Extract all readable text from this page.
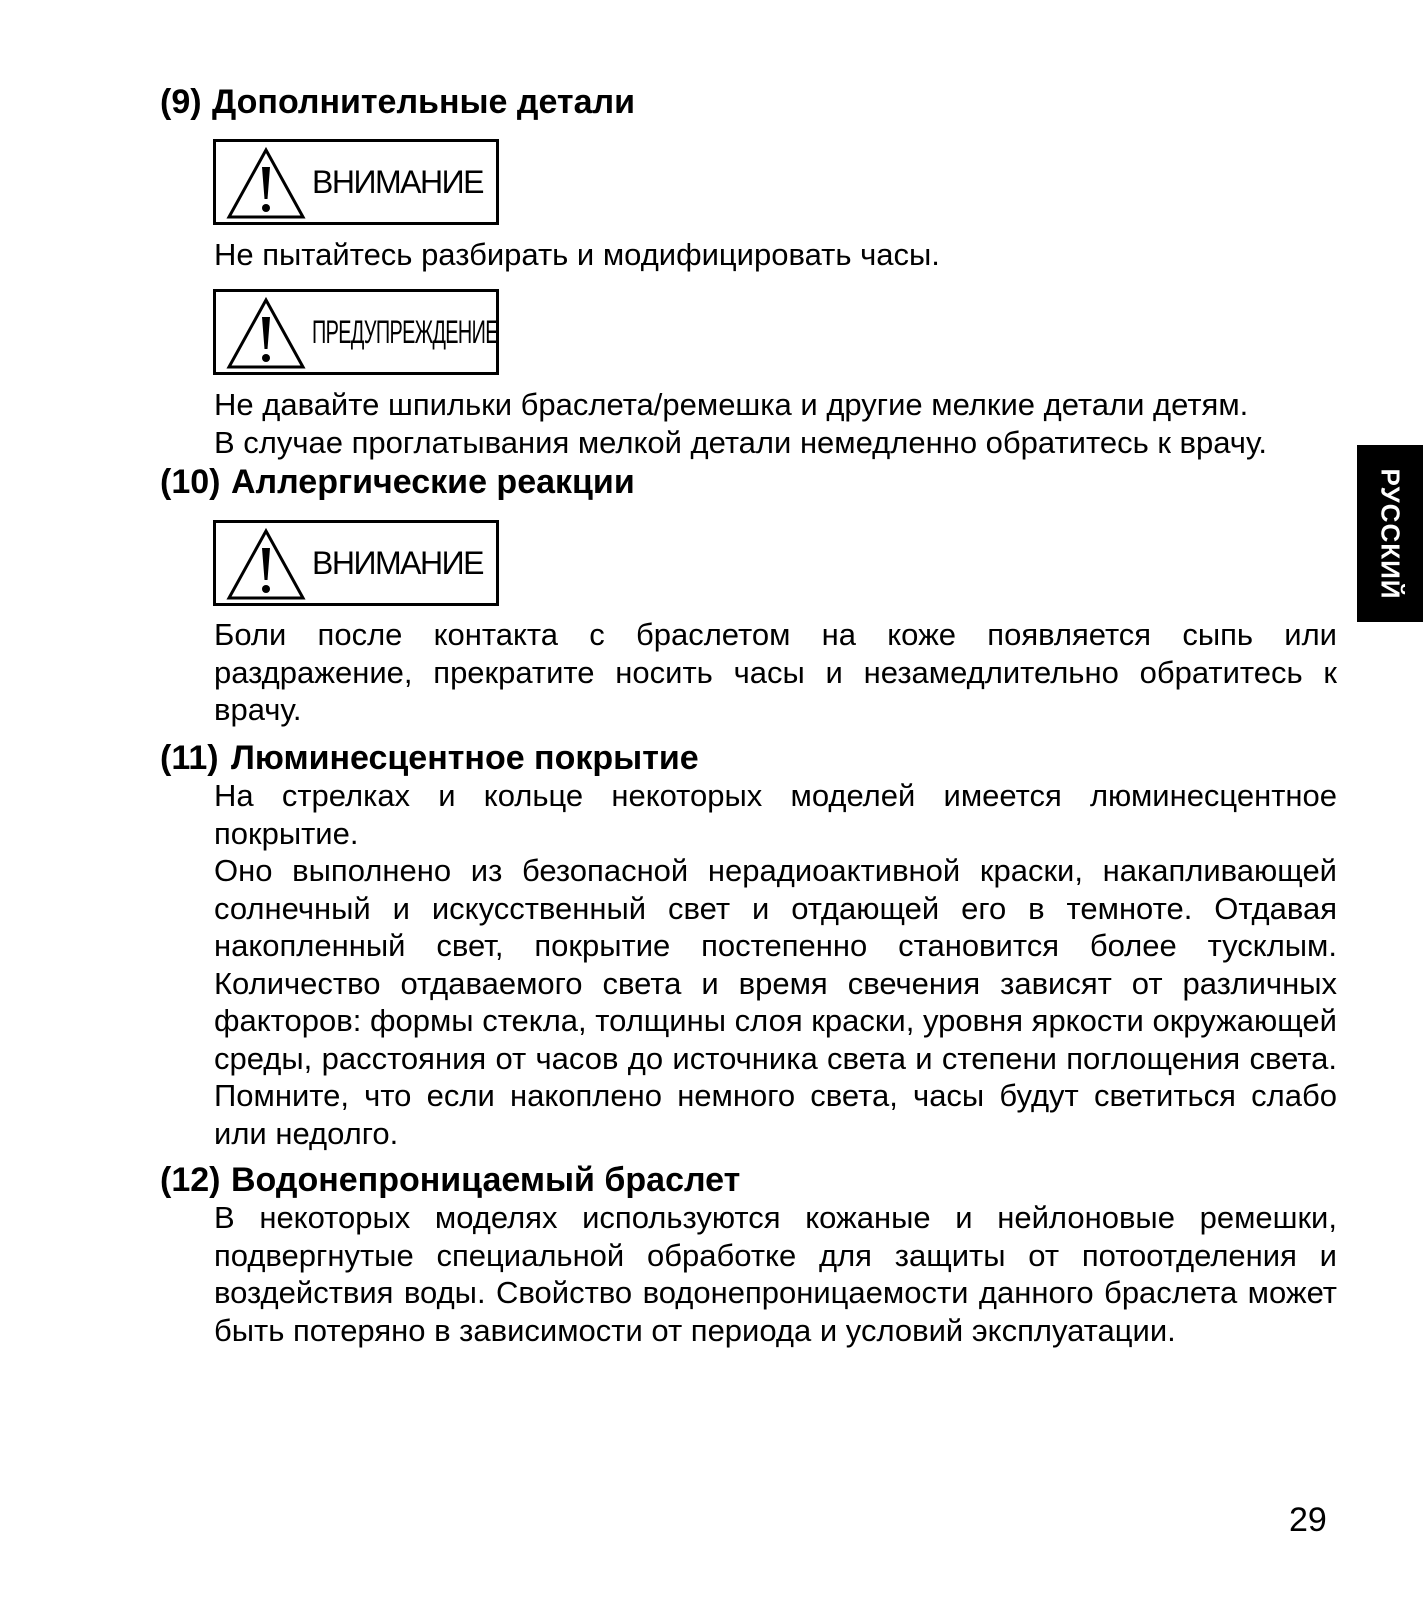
(9) Дополнительные детали
ВНИМАНИЕ

Не пытайтесь разбирать и модифицировать часы.

ПРЕДУПРЕЖДЕНИЕ

Не давайте шпильки браслета/ремешка и другие мелкие детали детям.

В случае проглатывания мелкой детали немедленно обратитесь к врачу.

(10) Аллергические реакции
ВНИМАНИЕ

Боли после контакта с браслетом на коже появляется сыпь или раздражение, прекратите носить часы и незамедлительно обратитесь к врачу.

(11) Люминесцентное покрытие

На стрелках и кольце некоторых моделей имеется люминесцентное покрытие.

Оно выполнено из безопасной нерадиоактивной краски, накапливающей солнечный и искусственный свет и отдающей его в темноте. Отдавая накопленный свет, покрытие постепенно становится более тусклым. Количество отдаваемого света и время свечения зависят от различных факторов: формы стекла, толщины слоя краски, уровня яркости окружающей среды, расстояния от часов до источника света и степени поглощения света. Помните, что если накоплено немного света, часы будут светиться слабо или недолго.

(12) Водонепроницаемый браслет

В некоторых моделях используются кожаные и нейлоновые ремешки, подвергнутые специальной обработке для защиты от потоотделения и воздействия воды. Свойство водонепроницаемости данного браслета может быть потеряно в зависимости от периода и условий эксплуатации.

РУССКИЙ
29
